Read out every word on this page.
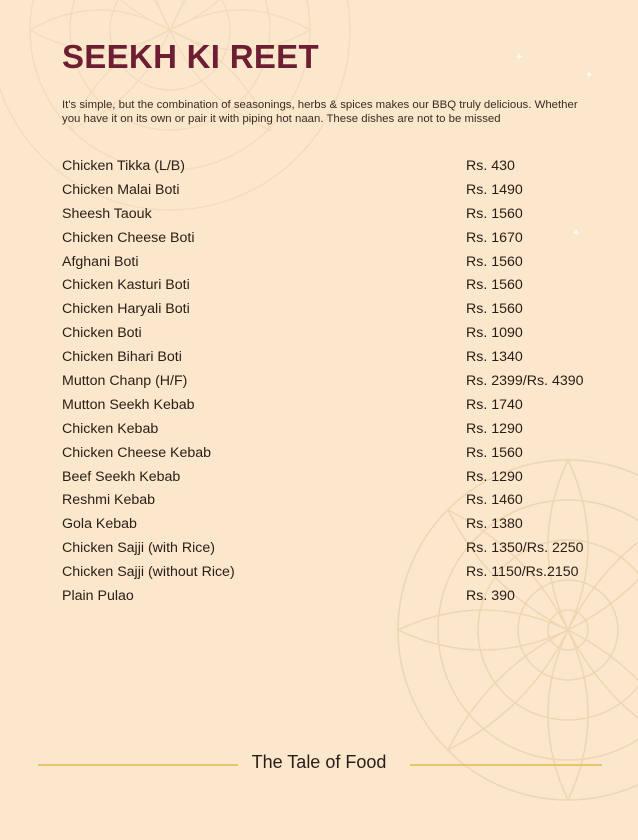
✦
✦
✦
SEEKH KI REET

It's simple, but the combination of seasonings, herbs & spices makes our BBQ truly delicious. Whether you have it on its own or pair it with piping hot naan. These dishes are not to be missed

Chicken Tikka (L/B)	Rs. 430
Chicken Malai Boti	Rs. 1490
Sheesh Taouk	Rs. 1560
Chicken Cheese Boti	Rs. 1670
Afghani Boti	Rs. 1560
Chicken Kasturi Boti	Rs. 1560
Chicken Haryali Boti	Rs. 1560
Chicken Boti	Rs. 1090
Chicken Bihari Boti	Rs. 1340
Mutton Chanp (H/F)	Rs. 2399/Rs. 4390
Mutton Seekh Kebab	Rs. 1740
Chicken Kebab	Rs. 1290
Chicken Cheese Kebab	Rs. 1560
Beef Seekh Kebab	Rs. 1290
Reshmi Kebab	Rs. 1460
Gola Kebab	Rs. 1380
Chicken Sajji (with Rice)	Rs. 1350/Rs. 2250
Chicken Sajji (without Rice)	Rs. 1150/Rs.2150
Plain Pulao	Rs. 390

The Tale of Food
